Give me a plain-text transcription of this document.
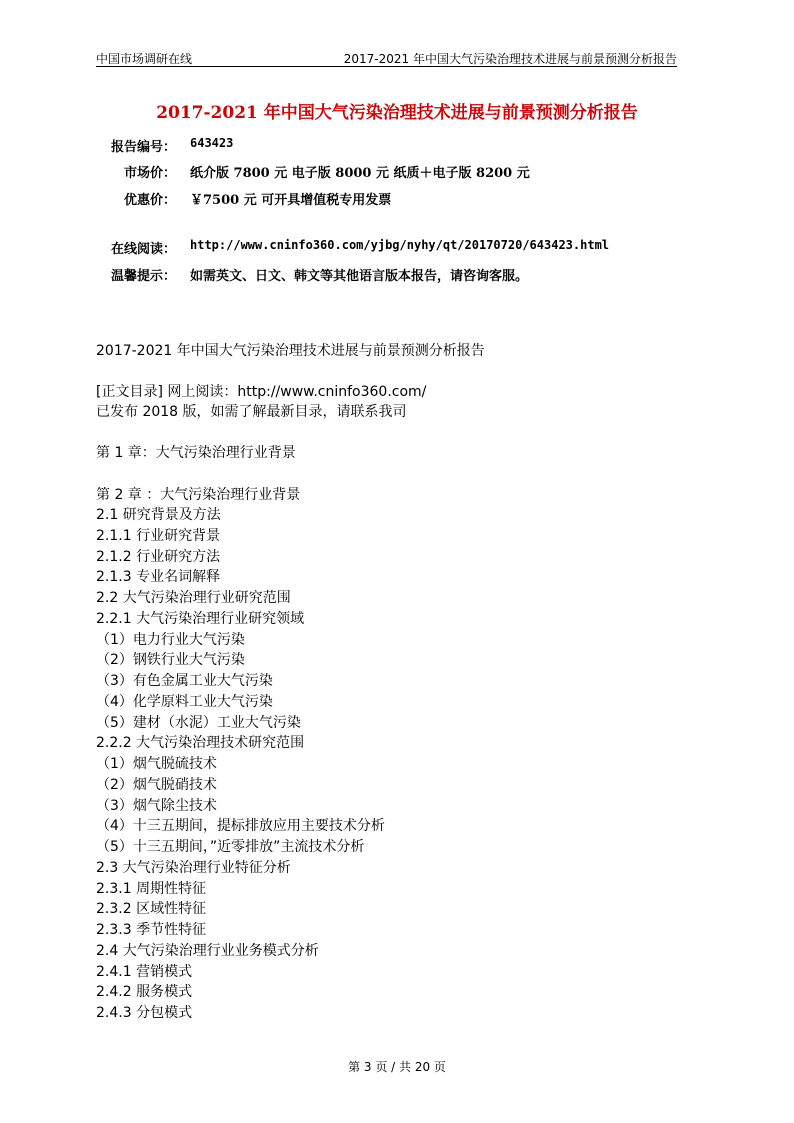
中国市场调研在线	2017-2021 年中国大气污染治理技术进展与前景预测分析报告
2017-2021 年中国大气污染治理技术进展与前景预测分析报告
报告编号： 643423
市场价： 纸介版 7800 元 电子版 8000 元 纸质＋电子版 8200 元
优惠价： ￥7500 元 可开具增值税专用发票
在线阅读： http://www.cninfo360.com/yjbg/nyhy/qt/20170720/643423.html
温馨提示： 如需英文、日文、韩文等其他语言版本报告，请咨询客服。
2017-2021 年中国大气污染治理技术进展与前景预测分析报告
[正文目录] 网上阅读：http://www.cninfo360.com/
已发布 2018 版，如需了解最新目录，请联系我司
第 1 章：大气污染治理行业背景
第 2 章 ：大气污染治理行业背景
2.1 研究背景及方法
2.1.1 行业研究背景
2.1.2 行业研究方法
2.1.3 专业名词解释
2.2 大气污染治理行业研究范围
2.2.1 大气污染治理行业研究领域
（1）电力行业大气污染
（2）钢铁行业大气污染
（3）有色金属工业大气污染
（4）化学原料工业大气污染
（5）建材（水泥）工业大气污染
2.2.2 大气污染治理技术研究范围
（1）烟气脱硫技术
（2）烟气脱硝技术
（3）烟气除尘技术
（4）十三五期间，提标排放应用主要技术分析
（5）十三五期间，”近零排放”主流技术分析
2.3 大气污染治理行业特征分析
2.3.1 周期性特征
2.3.2 区域性特征
2.3.3 季节性特征
2.4 大气污染治理行业业务模式分析
2.4.1 营销模式
2.4.2 服务模式
2.4.3 分包模式
第 3 页 / 共 20 页
